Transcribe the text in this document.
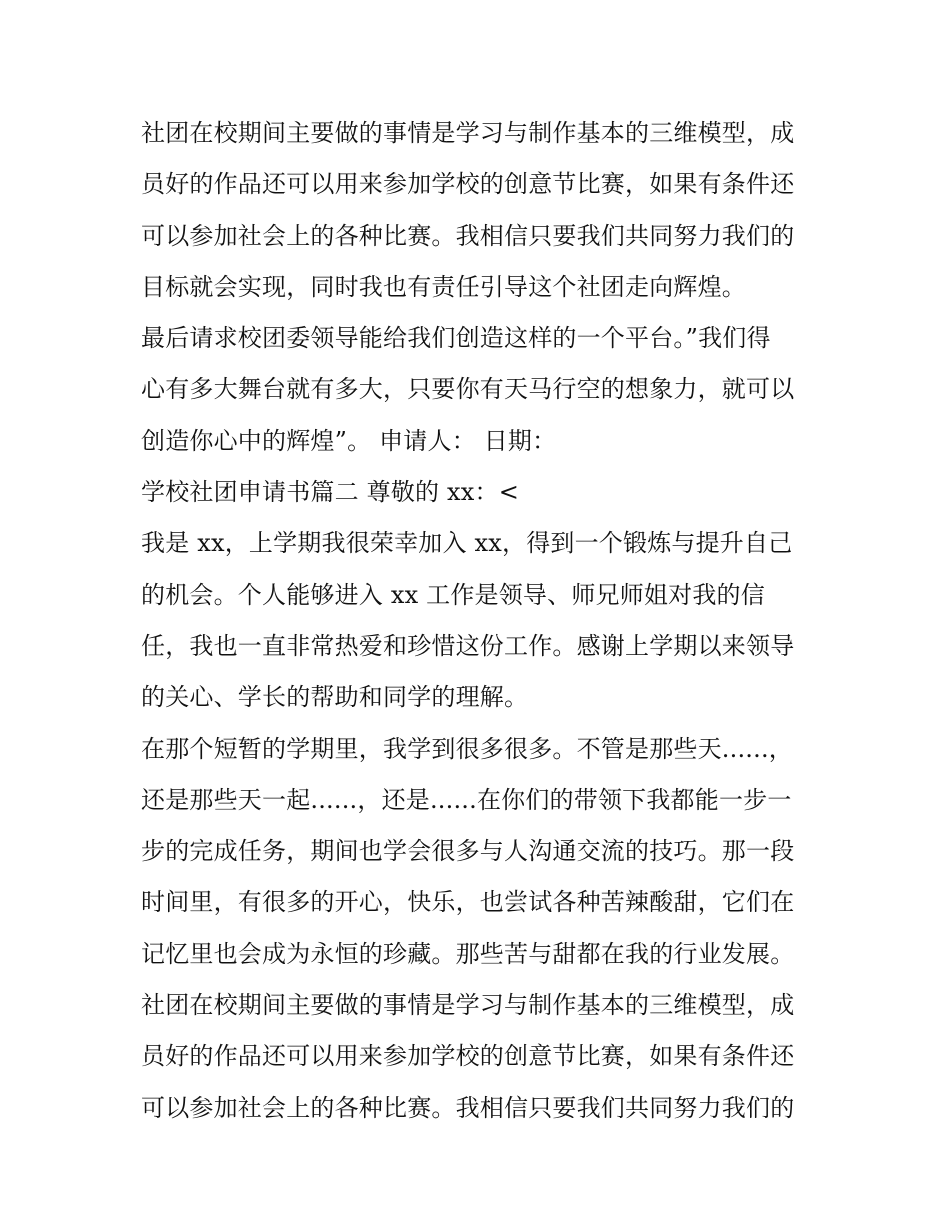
社团在校期间主要做的事情是学习与制作基本的三维模型，成
员好的作品还可以用来参加学校的创意节比赛，如果有条件还
可以参加社会上的各种比赛。我相信只要我们共同努力我们的
目标就会实现，同时我也有责任引导这个社团走向辉煌。
最后请求校团委领导能给我们创造这样的一个平台。”我们得
心有多大舞台就有多大，只要你有天马行空的想象力，就可以
创造你心中的辉煌”。 申请人： 日期：
学校社团申请书篇二 尊敬的 xx：<
我是 xx，上学期我很荣幸加入 xx，得到一个锻炼与提升自己
的机会。个人能够进入 xx 工作是领导、师兄师姐对我的信
任，我也一直非常热爱和珍惜这份工作。感谢上学期以来领导
的关心、学长的帮助和同学的理解。
在那个短暂的学期里，我学到很多很多。不管是那些天......，
还是那些天一起......，还是......在你们的带领下我都能一步一
步的完成任务，期间也学会很多与人沟通交流的技巧。那一段
时间里，有很多的开心，快乐，也尝试各种苦辣酸甜，它们在
记忆里也会成为永恒的珍藏。那些苦与甜都在我的行业发展。
社团在校期间主要做的事情是学习与制作基本的三维模型，成
员好的作品还可以用来参加学校的创意节比赛，如果有条件还
可以参加社会上的各种比赛。我相信只要我们共同努力我们的
